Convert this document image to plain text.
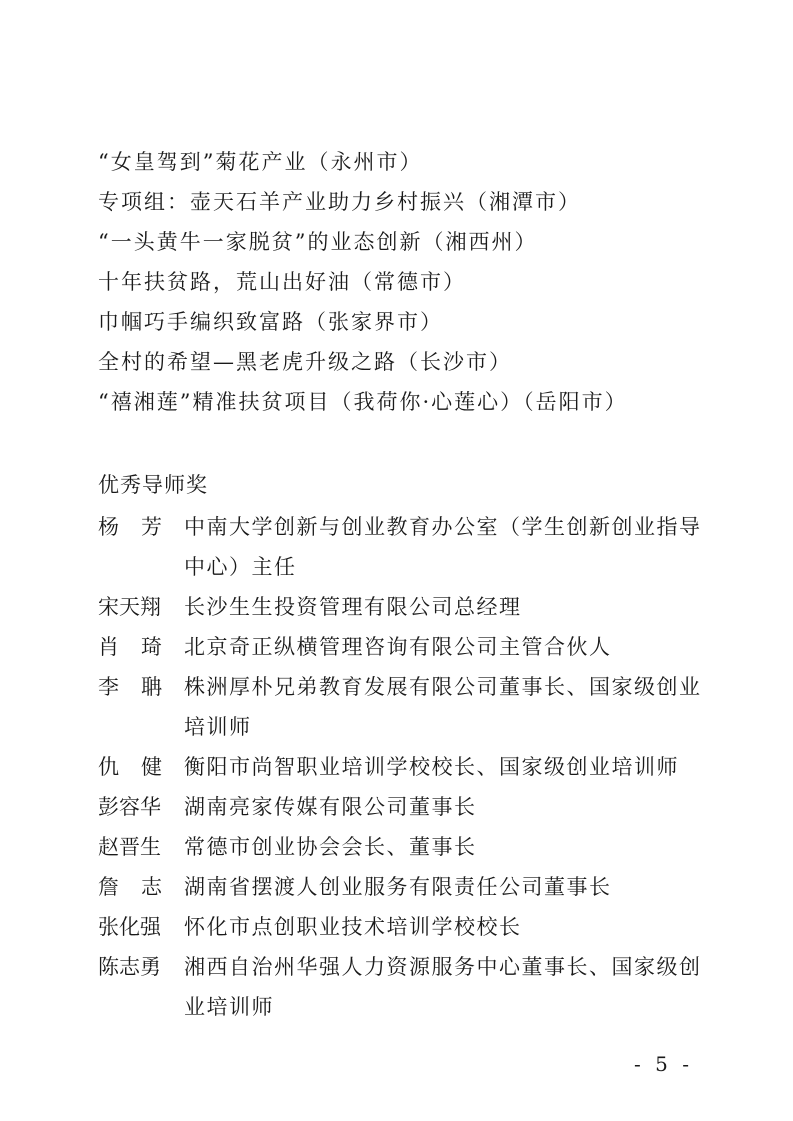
“女皇驾到”菊花产业（永州市）
专项组：壶天石羊产业助力乡村振兴（湘潭市）
“一头黄牛一家脱贫”的业态创新（湘西州）
十年扶贫路，荒山出好油（常德市）
巾帼巧手编织致富路（张家界市）
全村的希望—黑老虎升级之路（长沙市）
“禧湘莲”精准扶贫项目（我荷你·心莲心）（岳阳市）
优秀导师奖
杨 芳 中南大学创新与创业教育办公室（学生创新创业指导中心）主任
宋天翔	长沙生生投资管理有限公司总经理
肖 琦 北京奇正纵横管理咨询有限公司主管合伙人
李 聃 株洲厚朴兄弟教育发展有限公司董事长、国家级创业培训师
仇 健 衡阳市尚智职业培训学校校长、国家级创业培训师
彭容华	湖南亮家传媒有限公司董事长
赵晋生	常德市创业协会会长、董事长
詹 志 湖南省摆渡人创业服务有限责任公司董事长
张化强	怀化市点创职业技术培训学校校长
陈志勇	湘西自治州华强人力资源服务中心董事长、国家级创业培训师
- 5 -
